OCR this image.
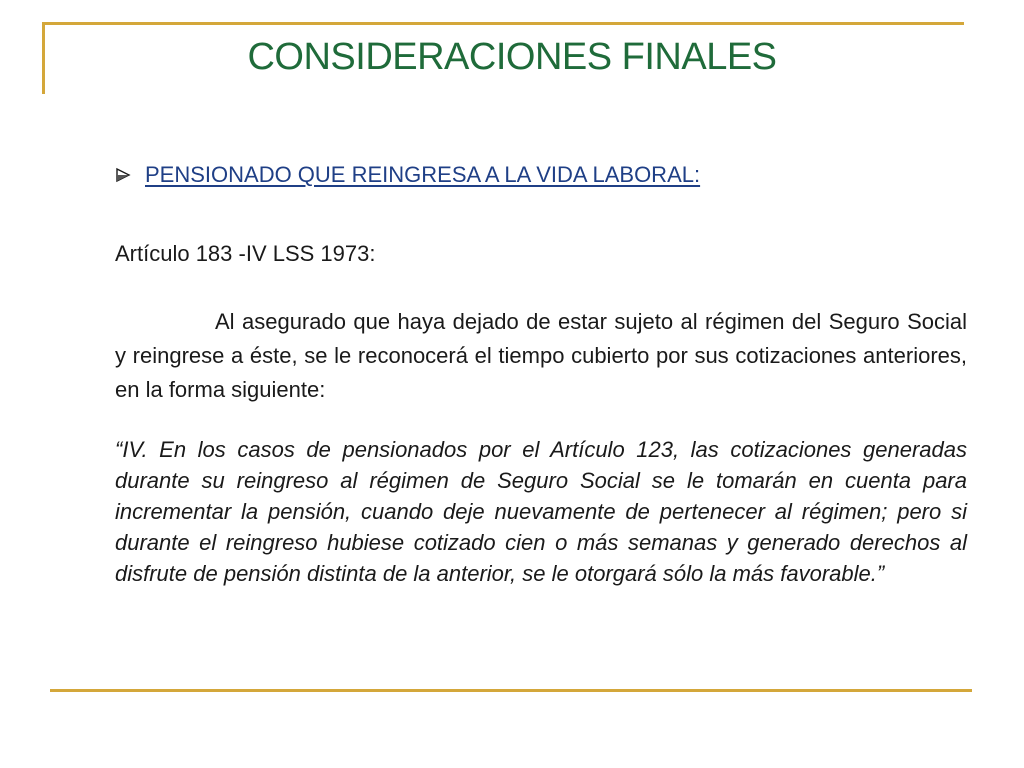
CONSIDERACIONES FINALES
PENSIONADO QUE REINGRESA A LA VIDA LABORAL:
Artículo 183 -IV LSS 1973:

Al asegurado que haya dejado de estar sujeto al régimen del Seguro Social y reingrese a éste, se le reconocerá el tiempo cubierto por sus cotizaciones anteriores, en la forma siguiente:

“IV. En los casos de pensionados por el Artículo 123, las cotizaciones generadas durante su reingreso al régimen de Seguro Social se le tomarán en cuenta para incrementar la pensión, cuando deje nuevamente de pertenecer al régimen; pero si durante el reingreso hubiese cotizado cien o más semanas y generado derechos al disfrute de pensión distinta de la anterior, se le otorgará sólo la más favorable.”
